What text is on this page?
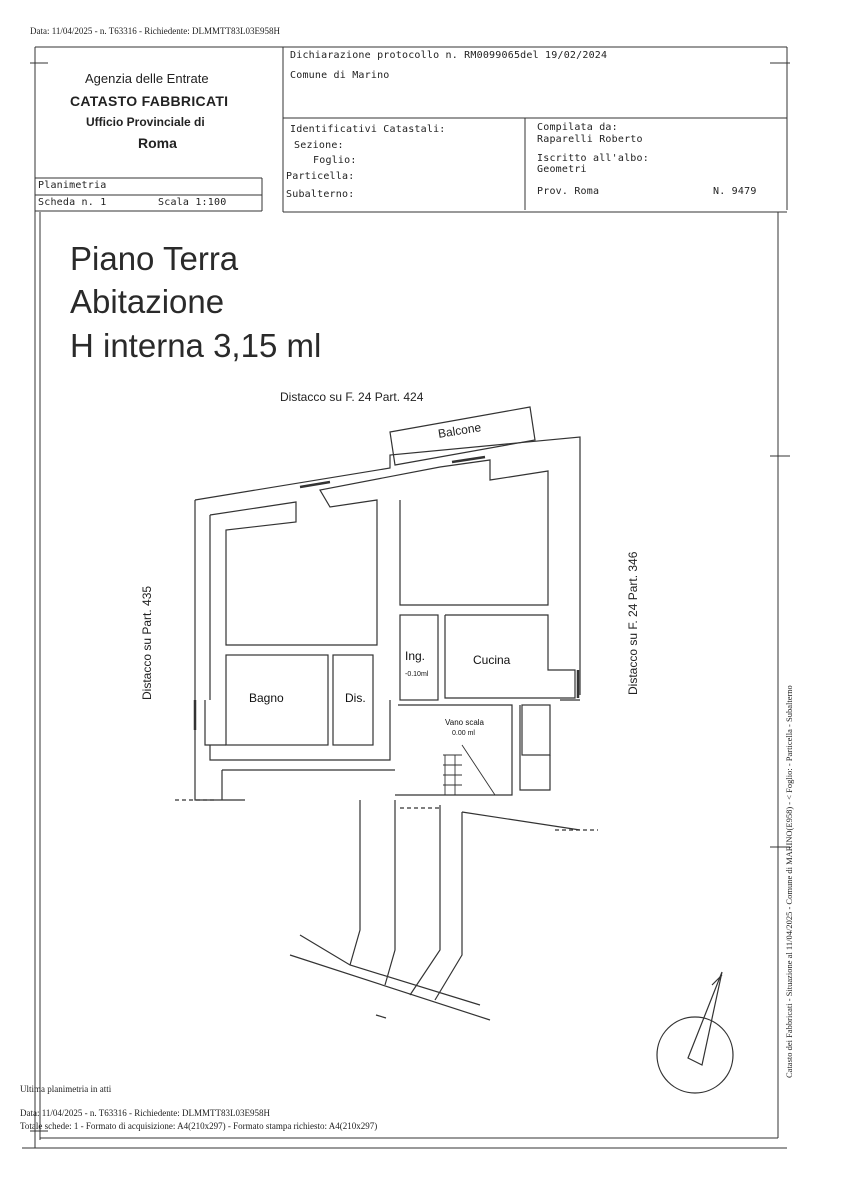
Data: 11/04/2025 - n. T63316 - Richiedente: DLMMTT83L03E958H
Agenzia delle Entrate
CATASTO FABBRICATI
Ufficio Provinciale di
Roma
Dichiarazione protocollo n. RM0099065del 19/02/2024
Comune di Marino
Identificativi Catastali:
Sezione:
Foglio:
Particella:
Subalterno:
Compilata da:
Raparelli Roberto
Iscritto all'albo:
Geometri
Prov. Roma	N. 9479
Planimetria
Scheda n. 1	Scala 1:100
Piano Terra
Abitazione
H interna 3,15 ml
Distacco su F. 24 Part. 424
Distacco su Part. 435	Distacco su F. 24 Part. 346
Balcone
Bagno	Dis.
Ing.	Cucina
Vano scala
-0.10ml
0.00 ml	Catasto dei Fabbricati - Situazione al 11/04/2025 - Comune di MARINO(E958) - < Foglio: - Particella - Subalterno
Ultima planimetria in atti
Data: 11/04/2025 - n. T63316 - Richiedente: DLMMTT83L03E958H
Totale schede: 1 - Formato di acquisizione: A4(210x297) - Formato stampa richiesto: A4(210x297)
